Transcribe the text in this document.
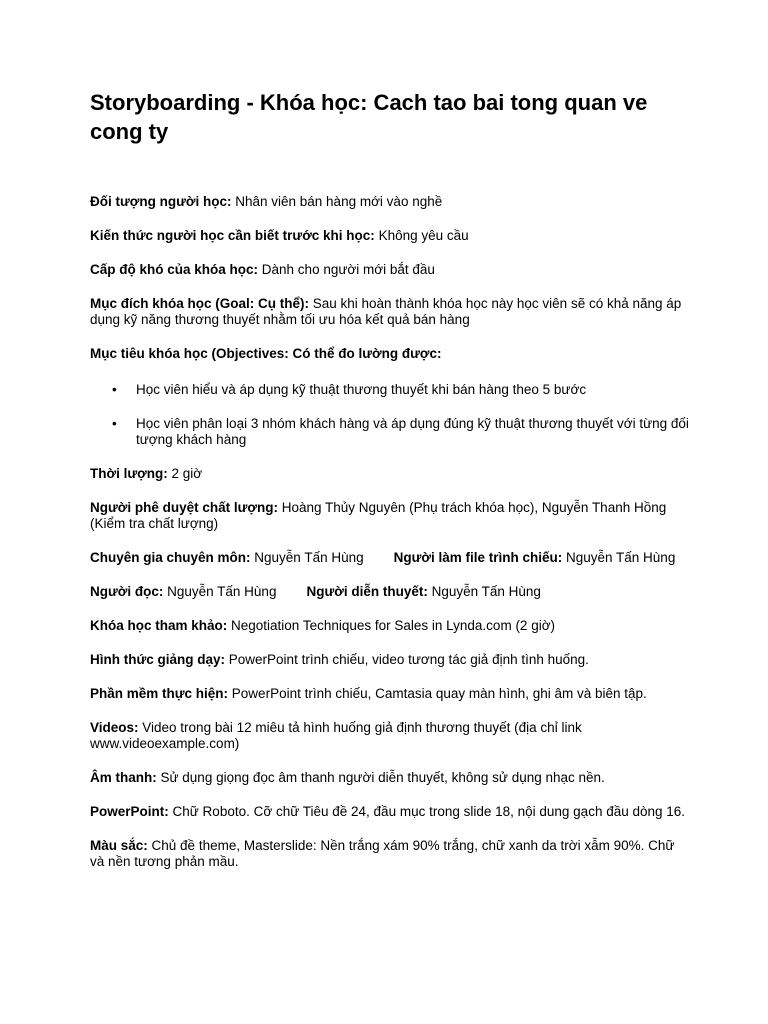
Storyboarding - Khóa học: Cach tao bai tong quan ve cong ty
Đối tượng người học: Nhân viên bán hàng mới vào nghề
Kiến thức người học cần biết trước khi học: Không yêu cầu
Cấp độ khó của khóa học: Dành cho người mới bắt đầu
Mục đích khóa học (Goal: Cụ thể): Sau khi hoàn thành khóa học này học viên sẽ có khả năng áp dụng kỹ năng thương thuyết nhằm tối ưu hóa kết quả bán hàng
Mục tiêu khóa học (Objectives: Có thể đo lường được:
• Học viên hiểu và áp dụng kỹ thuật thương thuyết khi bán hàng theo 5 bước
• Học viên phân loại 3 nhóm khách hàng và áp dụng đúng kỹ thuật thương thuyết với từng đối tượng khách hàng
Thời lượng: 2 giờ
Người phê duyệt chất lượng: Hoàng Thủy Nguyên (Phụ trách khóa học), Nguyễn Thanh Hồng (Kiểm tra chất lượng)
Chuyên gia chuyên môn: Nguyễn Tấn Hùng Người làm file trình chiếu: Nguyễn Tấn Hùng
Người đọc: Nguyễn Tấn Hùng Người diễn thuyết: Nguyễn Tấn Hùng
Khóa học tham khảo: Negotiation Techniques for Sales in Lynda.com (2 giờ)
Hình thức giảng dạy: PowerPoint trình chiếu, video tương tác giả định tình huống.
Phần mềm thực hiện: PowerPoint trình chiếu, Camtasia quay màn hình, ghi âm và biên tập.
Videos: Video trong bài 12 miêu tả hình huống giả định thương thuyết (địa chỉ link www.videoexample.com)
Âm thanh: Sử dụng giọng đọc âm thanh người diễn thuyết, không sử dụng nhạc nền.
PowerPoint: Chữ Roboto. Cỡ chữ Tiêu đề 24, đầu mục trong slide 18, nội dung gạch đầu dòng 16.
Màu sắc: Chủ đề theme, Masterslide: Nền trắng xám 90% trắng, chữ xanh da trời xẫm 90%. Chữ và nền tương phản mầu.
